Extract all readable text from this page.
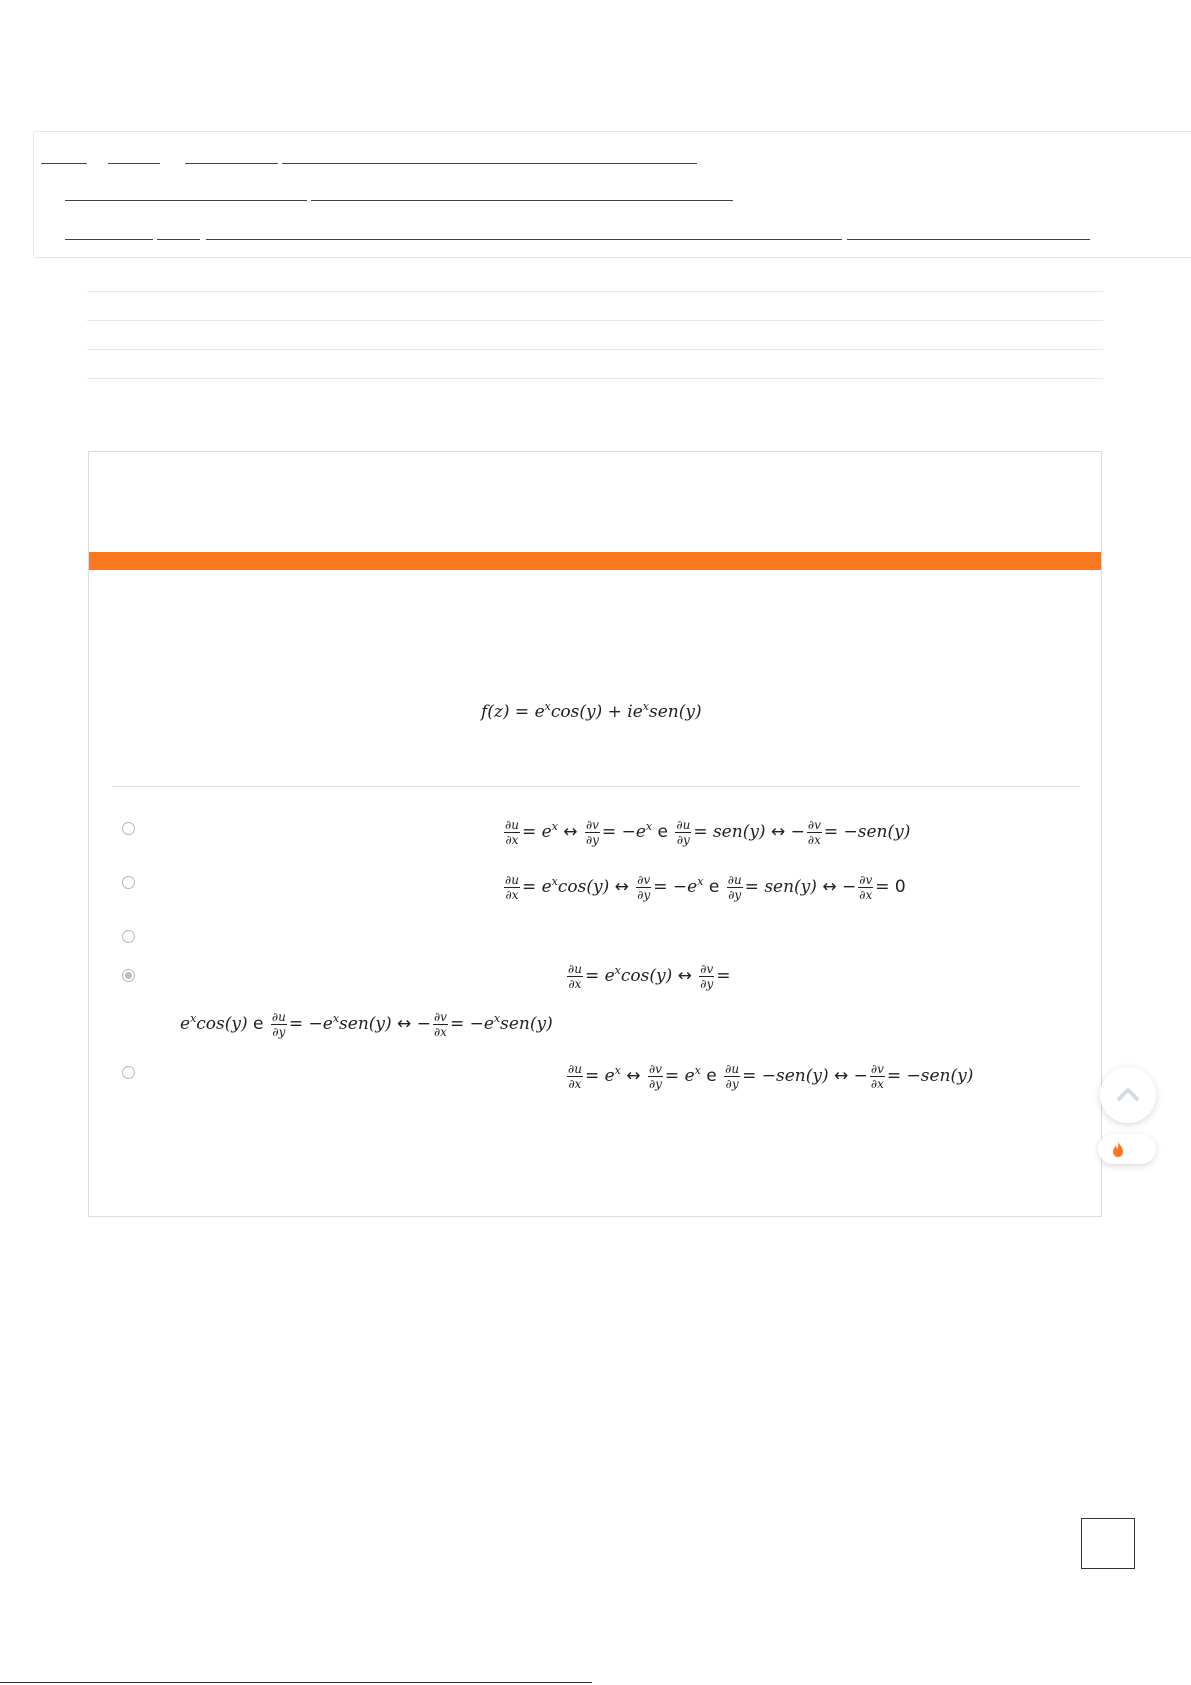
$f(z) = e^x\cos(y) + ie^xsen(y)$
$\frac{\partial u}{\partial x} = e^x$ ↔ $\frac{\partial v}{\partial y} = -e^x$ e $\frac{\partial u}{\partial y} = sen(y)$ ↔ − $\frac{\partial v}{\partial x} = -sen(y)$
$\frac{\partial u}{\partial x} = e^x\cos(y)$ ↔ $\frac{\partial v}{\partial y} = -e^x$ e $\frac{\partial u}{\partial y} = sen(y)$ ↔ − $\frac{\partial v}{\partial x} = 0$
$\frac{\partial u}{\partial x} = e^x\cos(y)$ ↔ $\frac{\partial v}{\partial y}$ =
$e^x\cos(y)$ e $\frac{\partial u}{\partial y} = -e^xsen(y)$ ↔ − $\frac{\partial v}{\partial x} = -e^xsen(y)$
$\frac{\partial u}{\partial x} = e^x$ ↔ $\frac{\partial v}{\partial y} = e^x$ e $\frac{\partial u}{\partial y} = -sen(y)$ ↔ − $\frac{\partial v}{\partial x} = -sen(y)$
